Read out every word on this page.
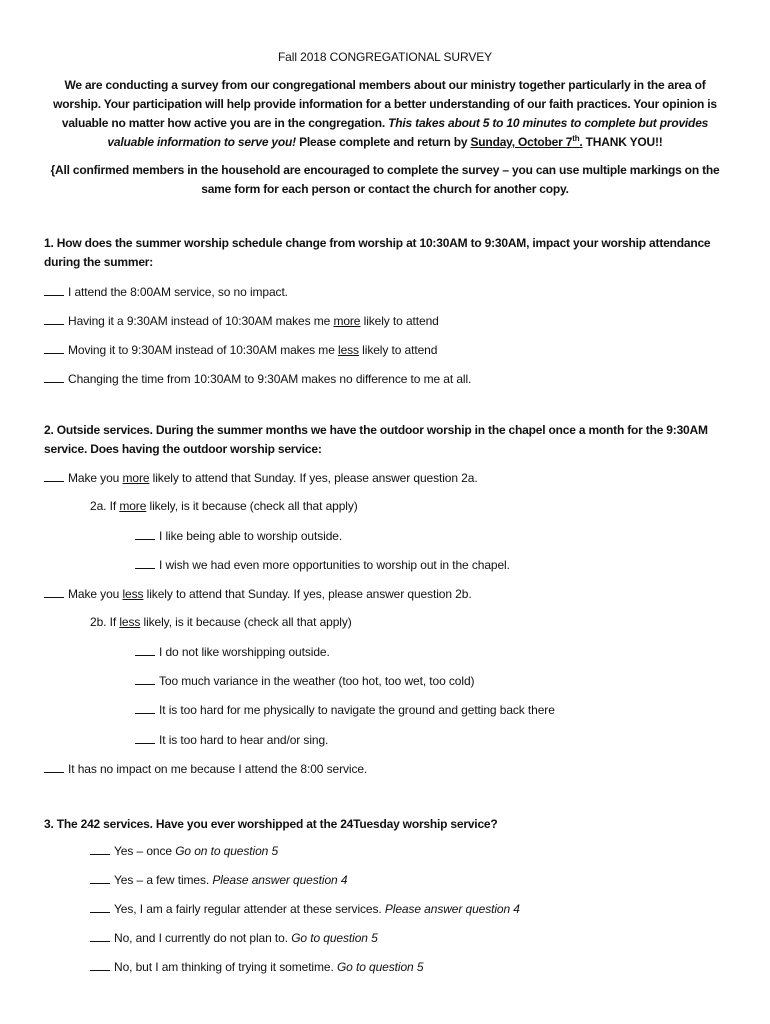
Fall 2018 CONGREGATIONAL SURVEY
We are conducting a survey from our congregational members about our ministry together particularly in the area of worship. Your participation will help provide information for a better understanding of our faith practices. Your opinion is valuable no matter how active you are in the congregation. This takes about 5 to 10 minutes to complete but provides valuable information to serve you! Please complete and return by Sunday, October 7th. THANK YOU!!
{All confirmed members in the household are encouraged to complete the survey – you can use multiple markings on the same form for each person or contact the church for another copy.
1. How does the summer worship schedule change from worship at 10:30AM to 9:30AM, impact your worship attendance during the summer:
I attend the 8:00AM service, so no impact.
Having it a 9:30AM instead of 10:30AM makes me more likely to attend
Moving it to 9:30AM instead of 10:30AM makes me less likely to attend
Changing the time from 10:30AM to 9:30AM makes no difference to me at all.
2. Outside services. During the summer months we have the outdoor worship in the chapel once a month for the 9:30AM service. Does having the outdoor worship service:
Make you more likely to attend that Sunday. If yes, please answer question 2a.
2a. If more likely, is it because (check all that apply)
I like being able to worship outside.
I wish we had even more opportunities to worship out in the chapel.
Make you less likely to attend that Sunday. If yes, please answer question 2b.
2b. If less likely, is it because (check all that apply)
I do not like worshipping outside.
Too much variance in the weather (too hot, too wet, too cold)
It is too hard for me physically to navigate the ground and getting back there
It is too hard to hear and/or sing.
It has no impact on me because I attend the 8:00 service.
3. The 242 services. Have you ever worshipped at the 24Tuesday worship service?
Yes – once Go on to question 5
Yes – a few times. Please answer question 4
Yes, I am a fairly regular attender at these services. Please answer question 4
No, and I currently do not plan to. Go to question 5
No, but I am thinking of trying it sometime. Go to question 5
